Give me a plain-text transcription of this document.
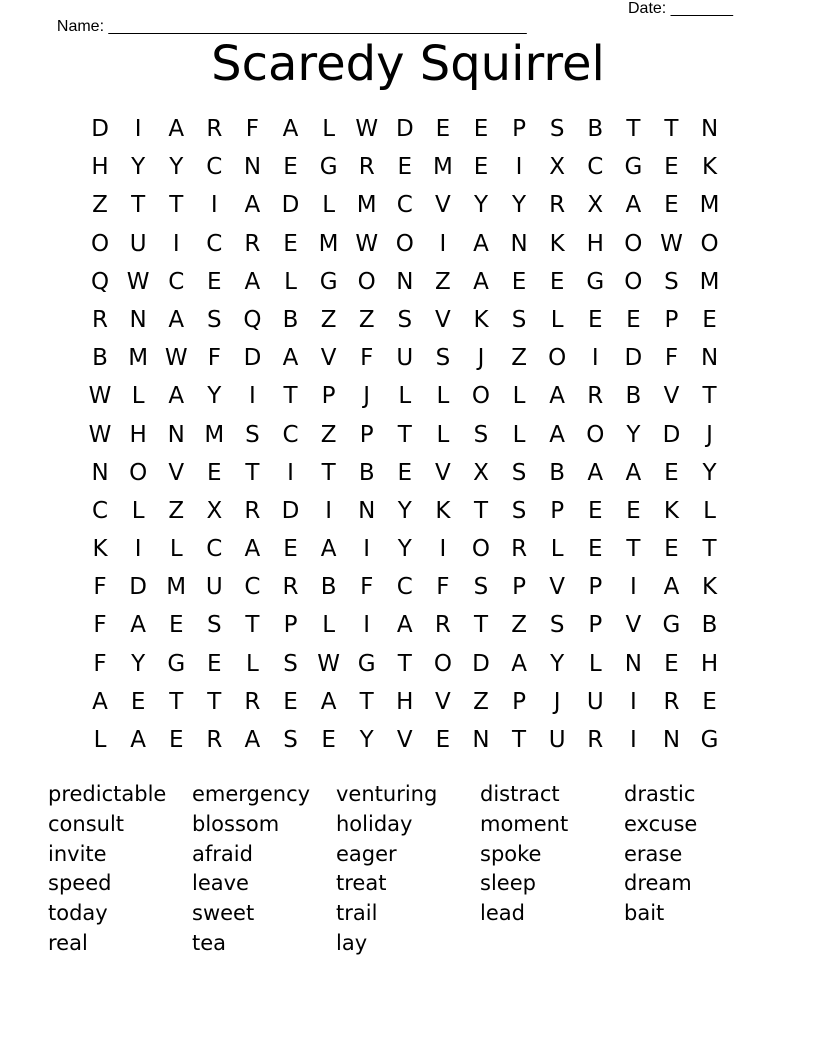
Name: _______________________________________________

Date: _______

Scaredy Squirrel
D	I	A R	F	A	L W D E	E	P	S B	T	T N
H Y	Y	C N E G R E M E	I	X C G E	K
Z	T	T	I	A D L M C V	Y	Y	R X A E M
O U	I	C R E M W O	I	A N K H O W O
Q W C E A	L G O N Z A E	E G O S M
R N A S Q B Z Z S V K	S	L	E	E	P	E
B M W F D A V	F	U S	J	Z O	I	D F N
W L	A	Y	I	T	P	J	L	L O L	A R B V	T
W H N M S C Z	P	T	L	S	L	A O Y D	J
N O V E	T	I	T	B E V X S B A A E	Y
C	L	Z X R D	I	N Y	K	T	S	P	E	E	K	L
K	I	L	C A E A	I	Y	I	O R	L	E	T	E	T
F D M U C R B	F	C	F	S	P	V	P	I	A K
F	A E	S	T	P	L	I	A R	T	Z S	P	V G B
F	Y G E	L	S W G T O D A	Y	L	N E H
A E	T	T	R E A	T H V Z	P	J	U	I	R E
L	A E R A S	E	Y	V E N T U R	I	N G
predictable	emergency	venturing	distract	drastic
consult	blossom	holiday	moment	excuse
invite	afraid	eager	spoke	erase
speed	leave	treat	sleep	dream
today	sweet	trail	lead	bait
real	tea	lay
